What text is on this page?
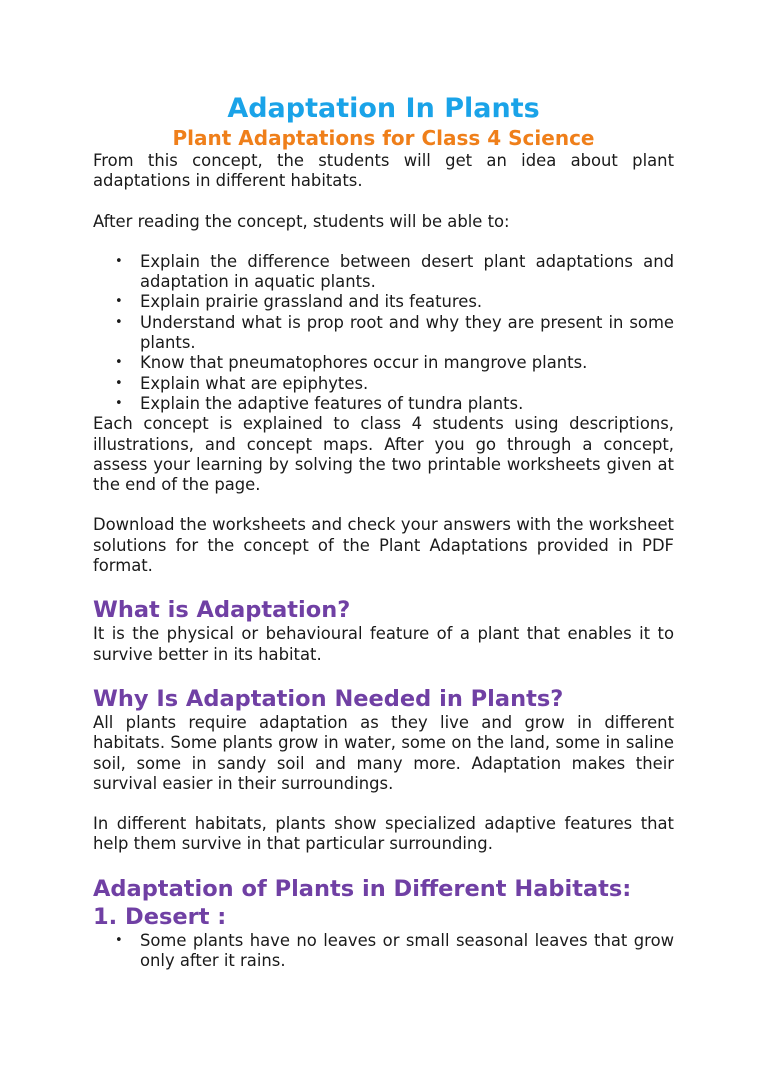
Adaptation In Plants
Plant Adaptations for Class 4 Science

From this concept, the students will get an idea about plant adaptations in different habitats.

After reading the concept, students will be able to:

• Explain the difference between desert plant adaptations and adaptation in aquatic plants.
• Explain prairie grassland and its features.
• Understand what is prop root and why they are present in some plants.
• Know that pneumatophores occur in mangrove plants.
• Explain what are epiphytes.
• Explain the adaptive features of tundra plants.

Each concept is explained to class 4 students using descriptions, illustrations, and concept maps. After you go through a concept, assess your learning by solving the two printable worksheets given at the end of the page.

Download the worksheets and check your answers with the worksheet solutions for the concept of the Plant Adaptations provided in PDF format.

What is Adaptation?

It is the physical or behavioural feature of a plant that enables it to survive better in its habitat.

Why Is Adaptation Needed in Plants?

All plants require adaptation as they live and grow in different habitats. Some plants grow in water, some on the land, some in saline soil, some in sandy soil and many more. Adaptation makes their survival easier in their surroundings.

In different habitats, plants show specialized adaptive features that help them survive in that particular surrounding.

Adaptation of Plants in Different Habitats:
1. Desert :
• Some plants have no leaves or small seasonal leaves that grow only after it rains.
